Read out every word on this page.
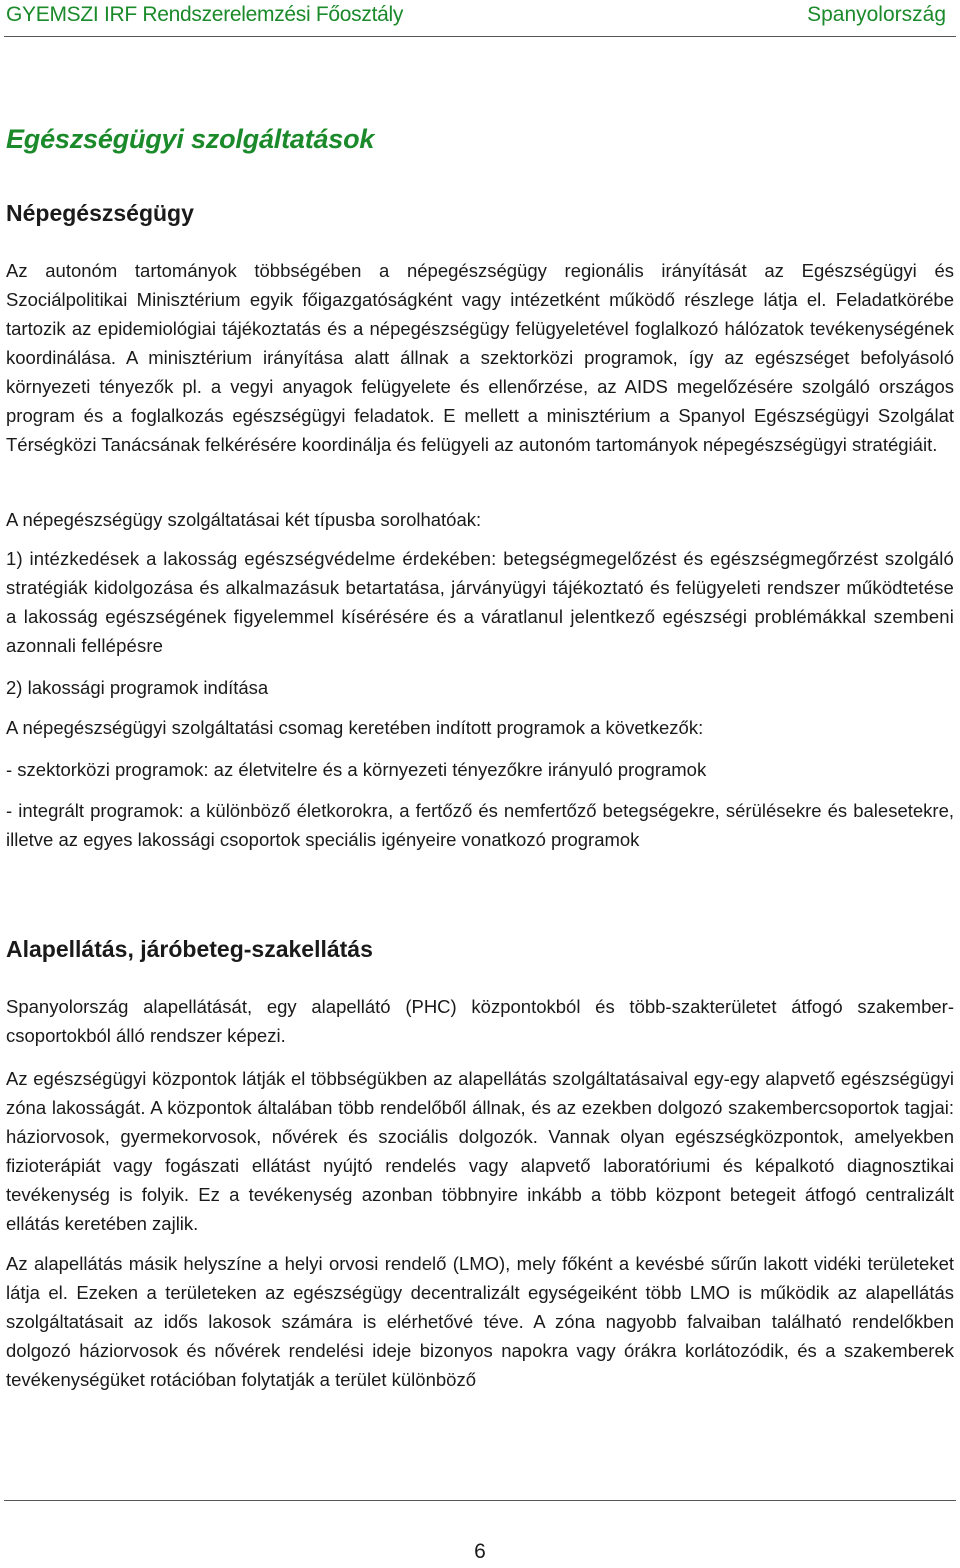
GYEMSZI IRF Rendszerelemzési Főosztály	Spanyolország
Egészségügyi szolgáltatások
Népegészségügy

Az autonóm tartományok többségében a népegészségügy regionális irányítását az Egészségügyi és Szociálpolitikai Minisztérium egyik főigazgatóságként vagy intézetként működő részlege látja el. Feladatkörébe tartozik az epidemiológiai tájékoztatás és a népegészségügy felügyeletével foglalkozó hálózatok tevékenységének koordinálása. A minisztérium irányítása alatt állnak a szektorközi programok, így az egészséget befolyásoló környezeti tényezők pl. a vegyi anyagok felügyelete és ellenőrzése, az AIDS megelőzésére szolgáló országos program és a foglalkozás egészségügyi feladatok. E mellett a minisztérium a Spanyol Egészségügyi Szolgálat Térségközi Tanácsának felkérésére koordinálja és felügyeli az autonóm tartományok népegészségügyi stratégiáit.

A népegészségügy szolgáltatásai két típusba sorolhatóak:

1) intézkedések a lakosság egészségvédelme érdekében: betegségmegelőzést és egészségmegőrzést szolgáló stratégiák kidolgozása és alkalmazásuk betartatása, járványügyi tájékoztató és felügyeleti rendszer működtetése a lakosság egészségének figyelemmel kísérésére és a váratlanul jelentkező egészségi problémákkal szembeni azonnali fellépésre

2) lakossági programok indítása

A népegészségügyi szolgáltatási csomag keretében indított programok a következők:

- szektorközi programok: az életvitelre és a környezeti tényezőkre irányuló programok

- integrált programok: a különböző életkorokra, a fertőző és nemfertőző betegségekre, sérülésekre és balesetekre, illetve az egyes lakossági csoportok speciális igényeire vonatkozó programok

Alapellátás, járóbeteg-szakellátás

Spanyolország alapellátását, egy alapellátó (PHC) központokból és több-szakterületet átfogó szakember-csoportokból álló rendszer képezi.

Az egészségügyi központok látják el többségükben az alapellátás szolgáltatásaival egy-egy alapvető egészségügyi zóna lakosságát. A központok általában több rendelőből állnak, és az ezekben dolgozó szakembercsoportok tagjai: háziorvosok, gyermekorvosok, nővérek és szociális dolgozók. Vannak olyan egészségközpontok, amelyekben fizioterápiát vagy fogászati ellátást nyújtó rendelés vagy alapvető laboratóriumi és képalkotó diagnosztikai tevékenység is folyik. Ez a tevékenység azonban többnyire inkább a több központ betegeit átfogó centralizált ellátás keretében zajlik.

Az alapellátás másik helyszíne a helyi orvosi rendelő (LMO), mely főként a kevésbé sűrűn lakott vidéki területeket látja el. Ezeken a területeken az egészségügy decentralizált egységeiként több LMO is működik az alapellátás szolgáltatásait az idős lakosok számára is elérhetővé téve. A zóna nagyobb falvaiban található rendelőkben dolgozó háziorvosok és nővérek rendelési ideje bizonyos napokra vagy órákra korlátozódik, és a szakemberek tevékenységüket rotációban folytatják a terület különböző

6
